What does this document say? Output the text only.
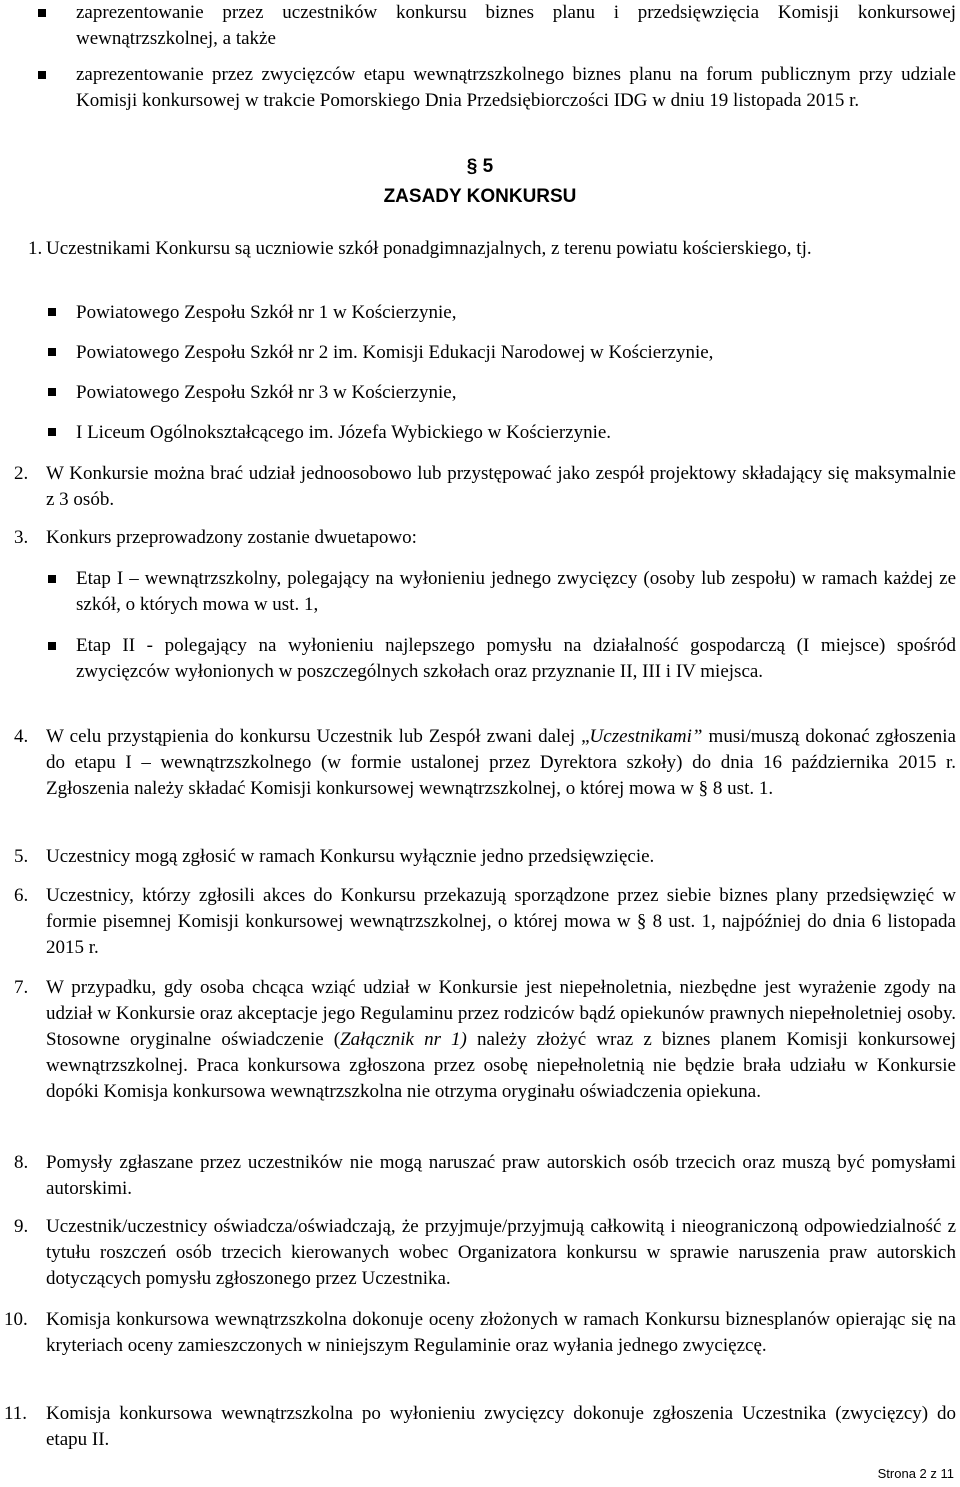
zaprezentowanie przez uczestników konkursu biznes planu i przedsięwzięcia Komisji konkursowej wewnątrzszkolnej, a także

zaprezentowanie przez zwycięzców etapu wewnątrzszkolnego biznes planu na forum publicznym przy udziale Komisji konkursowej w trakcie Pomorskiego Dnia Przedsiębiorczości IDG w dniu 19 listopada 2015 r.

§ 5
ZASADY KONKURSU
1. Uczestnikami Konkursu są uczniowie szkół ponadgimnazjalnych, z terenu powiatu kościerskiego, tj.

Powiatowego Zespołu Szkół nr 1 w Kościerzynie,

Powiatowego Zespołu Szkół nr 2 im. Komisji Edukacji Narodowej w Kościerzynie,

Powiatowego Zespołu Szkół nr 3 w Kościerzynie,

I Liceum Ogólnokształcącego im. Józefa Wybickiego w Kościerzynie.

2. W Konkursie można brać udział jednoosobowo lub przystępować jako zespół projektowy składający się maksymalnie z 3 osób.

3. Konkurs przeprowadzony zostanie dwuetapowo:

Etap I – wewnątrzszkolny, polegający na wyłonieniu jednego zwycięzcy (osoby lub zespołu) w ramach każdej ze szkół, o których mowa w ust. 1,

Etap II - polegający na wyłonieniu najlepszego pomysłu na działalność gospodarczą (I miejsce) spośród zwycięzców wyłonionych w poszczególnych szkołach oraz przyznanie II, III i IV miejsca.

4. W celu przystąpienia do konkursu Uczestnik lub Zespół zwani dalej „Uczestnikami” musi/muszą dokonać zgłoszenia do etapu I – wewnątrzszkolnego (w formie ustalonej przez Dyrektora szkoły) do dnia 16 października 2015 r. Zgłoszenia należy składać Komisji konkursowej wewnątrzszkolnej, o której mowa w § 8 ust. 1.

5. Uczestnicy mogą zgłosić w ramach Konkursu wyłącznie jedno przedsięwzięcie.

6. Uczestnicy, którzy zgłosili akces do Konkursu przekazują sporządzone przez siebie biznes plany przedsięwzięć w formie pisemnej Komisji konkursowej wewnątrzszkolnej, o której mowa w § 8 ust. 1, najpóźniej do dnia 6 listopada 2015 r.

7. W przypadku, gdy osoba chcąca wziąć udział w Konkursie jest niepełnoletnia, niezbędne jest wyrażenie zgody na udział w Konkursie oraz akceptacje jego Regulaminu przez rodziców bądź opiekunów prawnych niepełnoletniej osoby. Stosowne oryginalne oświadczenie (Załącznik nr 1) należy złożyć wraz z biznes planem Komisji konkursowej wewnątrzszkolnej. Praca konkursowa zgłoszona przez osobę niepełnoletnią nie będzie brała udziału w Konkursie dopóki Komisja konkursowa wewnątrzszkolna nie otrzyma oryginału oświadczenia opiekuna.

8. Pomysły zgłaszane przez uczestników nie mogą naruszać praw autorskich osób trzecich oraz muszą być pomysłami autorskimi.

9. Uczestnik/uczestnicy oświadcza/oświadczają, że przyjmuje/przyjmują całkowitą i nieograniczoną odpowiedzialność z tytułu roszczeń osób trzecich kierowanych wobec Organizatora konkursu w sprawie naruszenia praw autorskich dotyczących pomysłu zgłoszonego przez Uczestnika.

10. Komisja konkursowa wewnątrzszkolna dokonuje oceny złożonych w ramach Konkursu biznesplanów opierając się na kryteriach oceny zamieszczonych w niniejszym Regulaminie oraz wyłania jednego zwycięzcę.

11. Komisja konkursowa wewnątrzszkolna po wyłonieniu zwycięzcy dokonuje zgłoszenia Uczestnika (zwycięzcy) do etapu II.

Strona 2 z 11
